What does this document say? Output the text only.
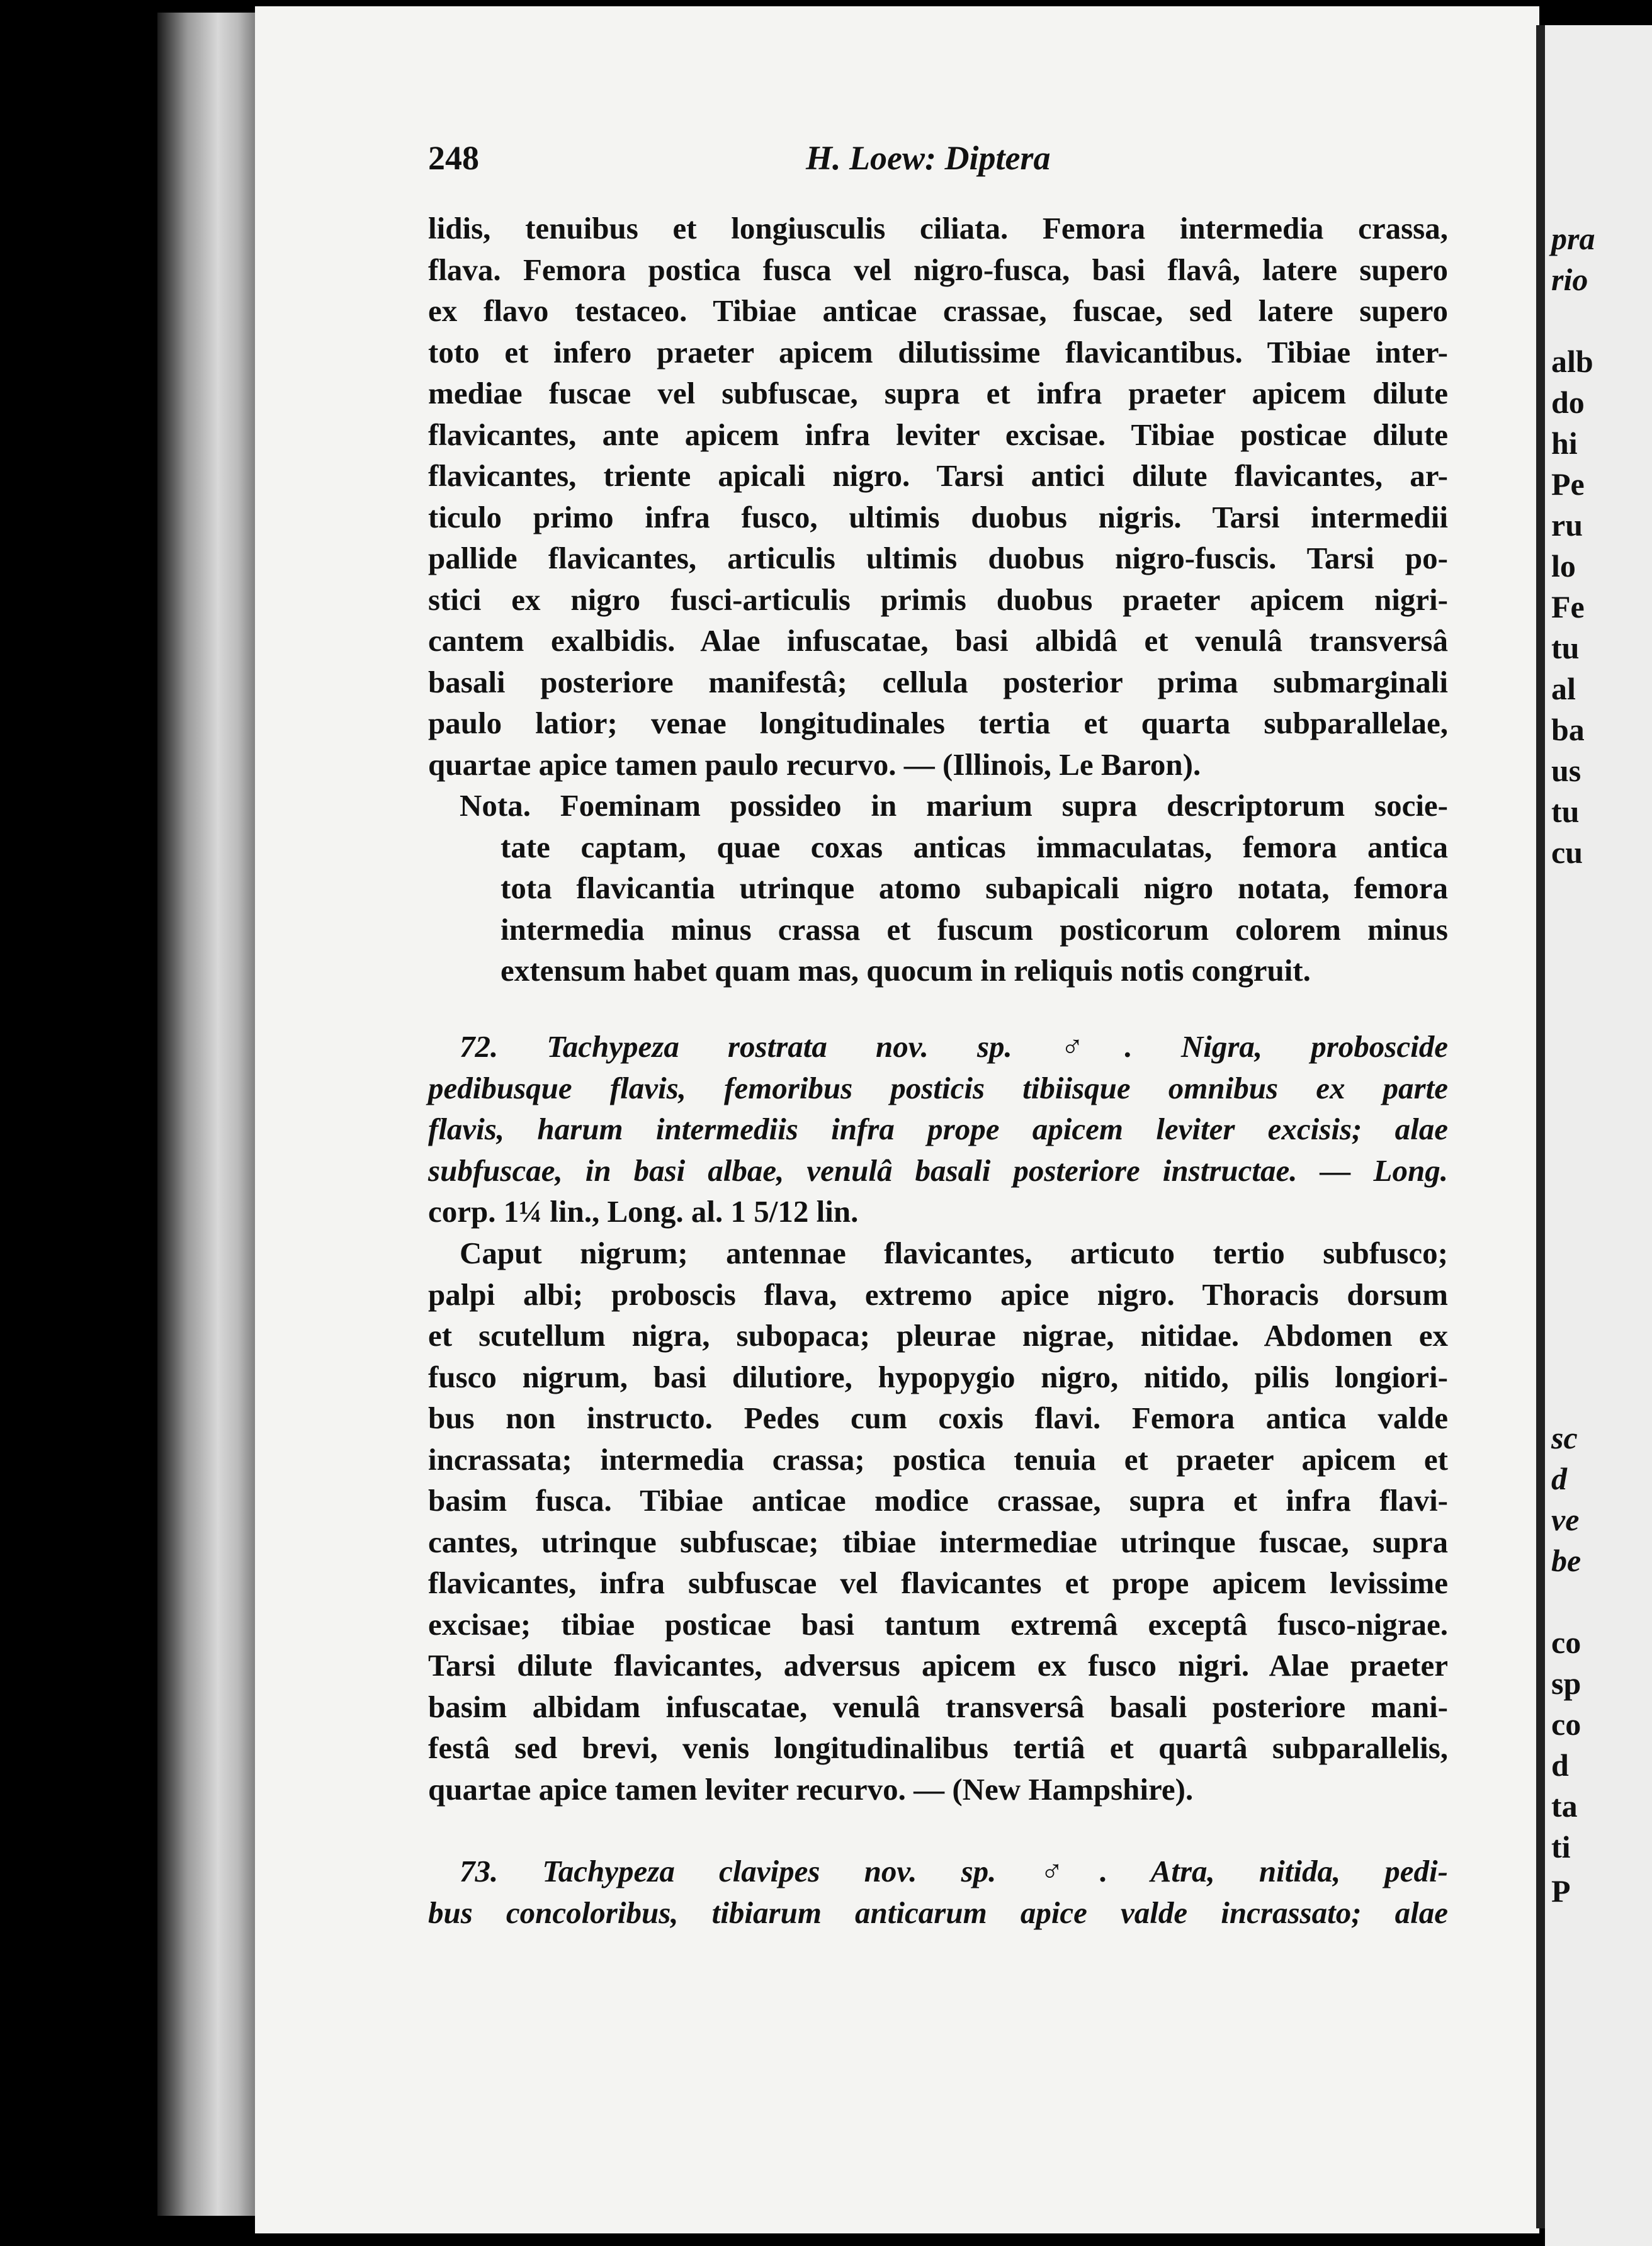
pra
rio
alb
do
hi
Pe
ru
lo
Fe
tu
al
ba
us
tu
cu
sc
d
ve
be
co
sp
co
d
ta
ti
P
248	H. Loew: Diptera
lidis, tenuibus et longiusculis ciliata. Femora intermedia crassa,
flava. Femora postica fusca vel nigro-fusca, basi flavâ, latere supero
ex flavo testaceo. Tibiae anticae crassae, fuscae, sed latere supero
toto et infero praeter apicem dilutissime flavicantibus. Tibiae inter-
mediae fuscae vel subfuscae, supra et infra praeter apicem dilute
flavicantes, ante apicem infra leviter excisae. Tibiae posticae dilute
flavicantes, triente apicali nigro. Tarsi antici dilute flavicantes, ar-
ticulo primo infra fusco, ultimis duobus nigris. Tarsi intermedii
pallide flavicantes, articulis ultimis duobus nigro-fuscis. Tarsi po-
stici ex nigro fusci-articulis primis duobus praeter apicem nigri-
cantem exalbidis. Alae infuscatae, basi albidâ et venulâ transversâ
basali posteriore manifestâ; cellula posterior prima submarginali
paulo latior; venae longitudinales tertia et quarta subparallelae,
quartae apice tamen paulo recurvo. — (Illinois, Le Baron).
Nota. Foeminam possideo in marium supra descriptorum socie-
tate captam, quae coxas anticas immaculatas, femora antica
tota flavicantia utrinque atomo subapicali nigro notata, femora
intermedia minus crassa et fuscum posticorum colorem minus
extensum habet quam mas, quocum in reliquis notis congruit.
72. Tachypeza rostrata nov. sp. ♂. Nigra, proboscide
pedibusque flavis, femoribus posticis tibiisque omnibus ex parte
flavis, harum intermediis infra prope apicem leviter excisis; alae
subfuscae, in basi albae, venulâ basali posteriore instructae. — Long.
corp. 1¼ lin., Long. al. 1 5/12 lin.
Caput nigrum; antennae flavicantes, articuto tertio subfusco;
palpi albi; proboscis flava, extremo apice nigro. Thoracis dorsum
et scutellum nigra, subopaca; pleurae nigrae, nitidae. Abdomen ex
fusco nigrum, basi dilutiore, hypopygio nigro, nitido, pilis longiori-
bus non instructo. Pedes cum coxis flavi. Femora antica valde
incrassata; intermedia crassa; postica tenuia et praeter apicem et
basim fusca. Tibiae anticae modice crassae, supra et infra flavi-
cantes, utrinque subfuscae; tibiae intermediae utrinque fuscae, supra
flavicantes, infra subfuscae vel flavicantes et prope apicem levissime
excisae; tibiae posticae basi tantum extremâ exceptâ fusco-nigrae.
Tarsi dilute flavicantes, adversus apicem ex fusco nigri. Alae praeter
basim albidam infuscatae, venulâ transversâ basali posteriore mani-
festâ sed brevi, venis longitudinalibus tertiâ et quartâ subparallelis,
quartae apice tamen leviter recurvo. — (New Hampshire).
73. Tachypeza clavipes nov. sp. ♂. Atra, nitida, pedi-
bus concoloribus, tibiarum anticarum apice valde incrassato; alae
